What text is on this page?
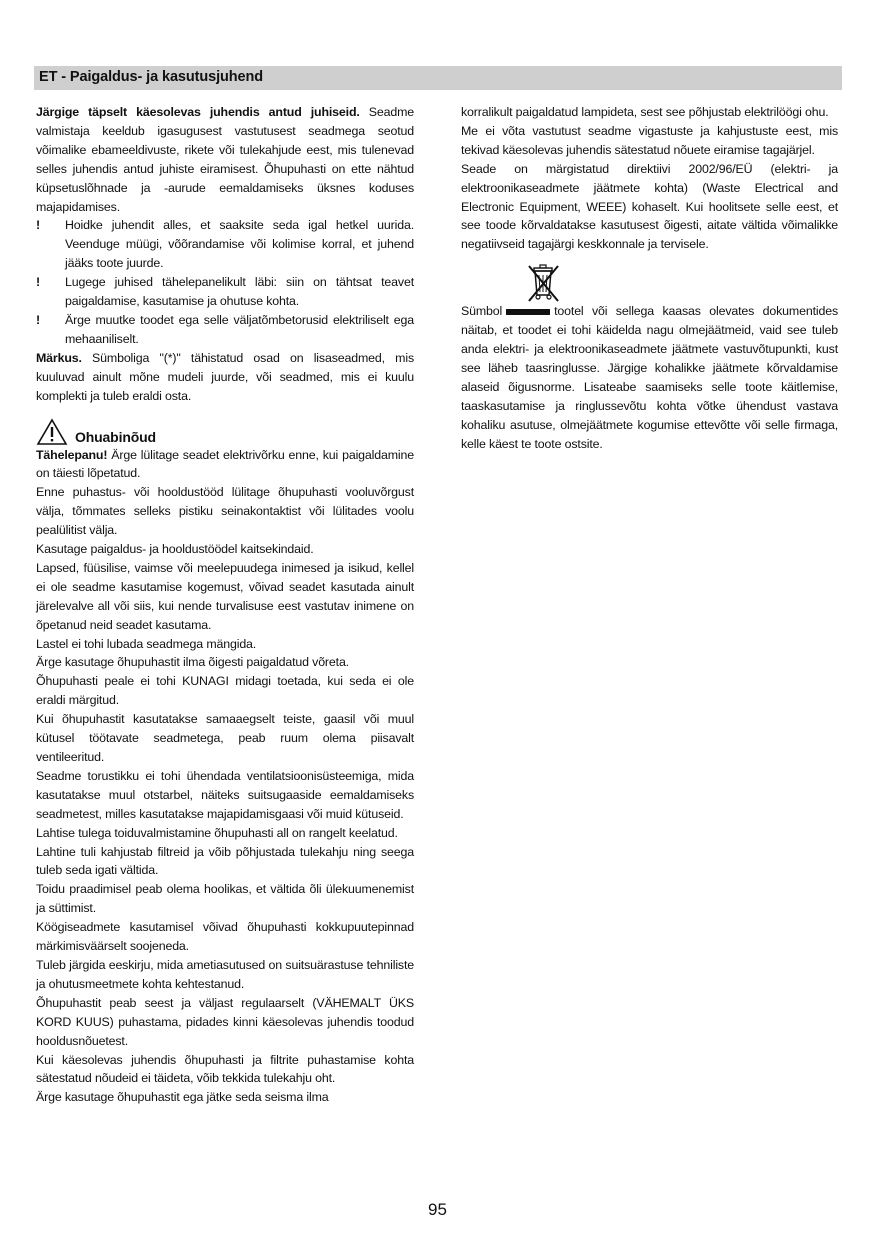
ET - Paigaldus- ja kasutusjuhend

Järgige täpselt käesolevas juhendis antud juhiseid. Seadme valmistaja keeldub igasugusest vastutusest seadmega seotud võimalike ebameeldivuste, rikete või tulekahjude eest, mis tulenevad selles juhendis antud juhiste eiramisest. Õhupuhasti on ette nähtud küpsetuslõhnade ja -aurude eemaldamiseks üksnes koduses majapidamises.

!	Hoidke juhendit alles, et saaksite seda igal hetkel uurida. Veenduge müügi, võõrandamise või kolimise korral, et juhend jääks toote juurde.
!	Lugege juhised tähelepanelikult läbi: siin on tähtsat teavet paigaldamise, kasutamise ja ohutuse kohta.
!	Ärge muutke toodet ega selle väljatõmbetorusid elektriliselt ega mehaaniliselt.

Märkus. Sümboliga "(*)" tähistatud osad on lisaseadmed, mis kuuluvad ainult mõne mudeli juurde, või seadmed, mis ei kuulu komplekti ja tuleb eraldi osta.

Ohuabinõud

Tähelepanu! Ärge lülitage seadet elektrivõrku enne, kui paigaldamine on täiesti lõpetatud.

Enne puhastus- või hooldustööd lülitage õhupuhasti vooluvõrgust välja, tõmmates selleks pistiku seinakontaktist või lülitades voolu pealülitist välja.

Kasutage paigaldus- ja hooldustöödel kaitsekindaid.

Lapsed, füüsilise, vaimse või meelepuudega inimesed ja isikud, kellel ei ole seadme kasutamise kogemust, võivad seadet kasutada ainult järelevalve all või siis, kui nende turvalisuse eest vastutav inimene on õpetanud neid seadet kasutama.

Lastel ei tohi lubada seadmega mängida.

Ärge kasutage õhupuhastit ilma õigesti paigaldatud võreta.

Õhupuhasti peale ei tohi KUNAGI midagi toetada, kui seda ei ole eraldi märgitud.

Kui õhupuhastit kasutatakse samaaegselt teiste, gaasil või muul kütusel töötavate seadmetega, peab ruum olema piisavalt ventileeritud.

Seadme torustikku ei tohi ühendada ventilatsioonisüsteemiga, mida kasutatakse muul otstarbel, näiteks suitsugaaside eemaldamiseks seadmetest, milles kasutatakse majapidamisgaasi või muid kütuseid.

Lahtise tulega toiduvalmistamine õhupuhasti all on rangelt keelatud.

Lahtine tuli kahjustab filtreid ja võib põhjustada tulekahju ning seega tuleb seda igati vältida.

Toidu praadimisel peab olema hoolikas, et vältida õli ülekuumenemist ja süttimist.

Köögiseadmete kasutamisel võivad õhupuhasti kokkupuutepinnad märkimisväärselt soojeneda.

Tuleb järgida eeskirju, mida ametiasutused on suitsuärastuse tehniliste ja ohutusmeetmete kohta kehtestanud.

Õhupuhastit peab seest ja väljast regulaarselt (VÄHEMALT ÜKS KORD KUUS) puhastama, pidades kinni käesolevas juhendis toodud hooldusnõuetest.

Kui käesolevas juhendis õhupuhasti ja filtrite puhastamise kohta sätestatud nõudeid ei täideta, võib tekkida tulekahju oht.

Ärge kasutage õhupuhastit ega jätke seda seisma ilma

korralikult paigaldatud lampideta, sest see põhjustab elektrilöögi ohu.

Me ei võta vastutust seadme vigastuste ja kahjustuste eest, mis tekivad käesolevas juhendis sätestatud nõuete eiramise tagajärjel.

Seade on märgistatud direktiivi 2002/96/EÜ (elektri- ja elektroonikaseadmete jäätmete kohta) (Waste Electrical and Electronic Equipment, WEEE) kohaselt. Kui hoolitsete selle eest, et see toode kõrvaldatakse kasutusest õigesti, aitate vältida võimalikke negatiivseid tagajärgi keskkonnale ja tervisele.

Sümbol	tootel või sellega kaasas olevates dokumentides näitab, et toodet ei tohi käidelda nagu olmejäätmeid, vaid see tuleb anda elektri- ja elektroonikaseadmete jäätmete vastuvõtupunkti, kust see läheb taasringlusse. Järgige kohalikke jäätmete kõrvaldamise alaseid õigusnorme. Lisateabe saamiseks selle toote käitlemise, taaskasutamise ja ringlussevõtu kohta võtke ühendust vastava kohaliku asutuse, olmejäätmete kogumise ettevõtte või selle firmaga, kelle käest te toote ostsite.

95
